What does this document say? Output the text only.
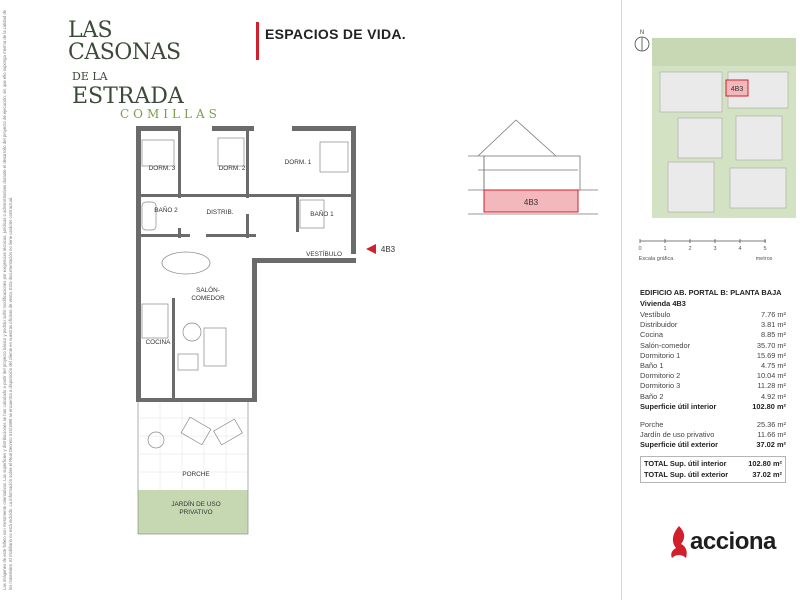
Las imágenes de este folleto son meramente orientativas. Las superficies y distribuciones se han calculado a partir del proyecto básico y podrán sufrir modificaciones por exigencias técnicas, jurídicas o administrativas durante el desarrollo del proyecto de ejecución, sin que ello suponga merma de la calidad de los materiales. El mobiliario no está incluido. La información sobre el Real Decreto 515/1989 se encuentra a disposición del cliente en nuestras oficinas de venta. Esta documentación no tiene carácter contractual.
LAS CASONAS
DE LA ESTRADA
COMILLAS
ESPACIOS DE VIDA.
DORM. 3	DORM. 2
DORM. 1
BAÑO 2	DISTRIB.	BAÑO 1
VESTÍBULO
SALÓN-
COMEDOR
COCINA
PORCHE
JARDÍN DE USO
PRIVATIVO
4B3
4B3
N
4B3
0	1	2	3	4	5
Escala gráfica	metros
EDIFICIO AB. PORTAL B: PLANTA BAJA
Vivienda 4B3
Vestíbulo	7.76 m²
Distribuidor	3.81 m²
Cocina	8.85 m²
Salón-comedor	35.70 m²
Dormitorio 1	15.69 m²
Baño 1	4.75 m²
Dormitorio 2	10.04 m²
Dormitorio 3	11.28 m²
Baño 2	4.92 m²
Superficie útil interior	102.80 m²
Porche	25.36 m²
Jardín de uso privativo	11.66 m²
Superficie útil exterior	37.02 m²
TOTAL Sup. útil interior	102.80 m²
TOTAL Sup. útil exterior	37.02 m²
acciona
